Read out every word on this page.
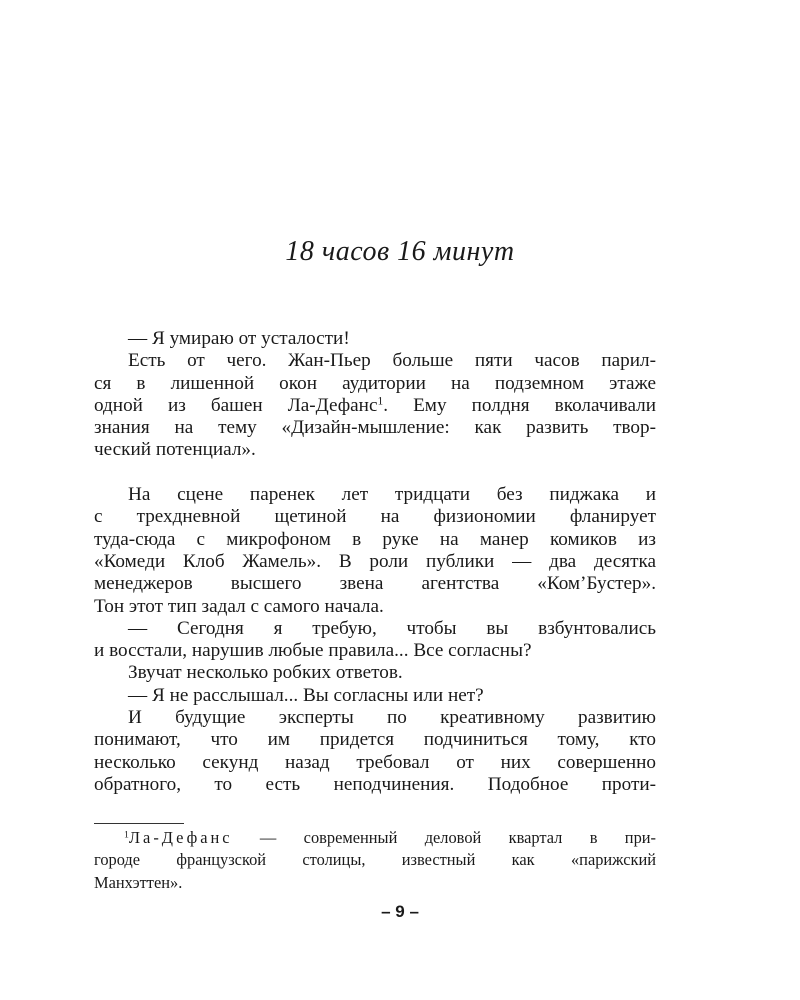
18 часов 16 минут
— Я умираю от усталости!
Есть от чего. Жан-Пьер больше пяти часов парил-
ся в лишенной окон аудитории на подземном этаже
одной из башен Ла-Дефанс$^1$. Ему полдня вколачивали
знания на тему «Дизайн-мышление: как развить твор-
ческий потенциал».
На сцене паренек лет тридцати без пиджака и
с трехдневной щетиной на физиономии фланирует
туда-сюда с микрофоном в руке на манер комиков из
«Комеди Клоб Жамель». В роли публики — два десятка
менеджеров высшего звена агентства «Ком’Бустер».
Тон этот тип задал с самого начала.
— Сегодня я требую, чтобы вы взбунтовались
и восстали, нарушив любые правила... Все согласны?
Звучат несколько робких ответов.
— Я не расслышал... Вы согласны или нет?
И будущие эксперты по креативному развитию
понимают, что им придется подчиниться тому, кто
несколько секунд назад требовал от них совершенно
обратного, то есть неподчинения. Подобное проти-
$^1$Ла-Дефанс — современный деловой квартал в при-
городе французской столицы, известный как «парижский
Манхэттен».
– 9 –
